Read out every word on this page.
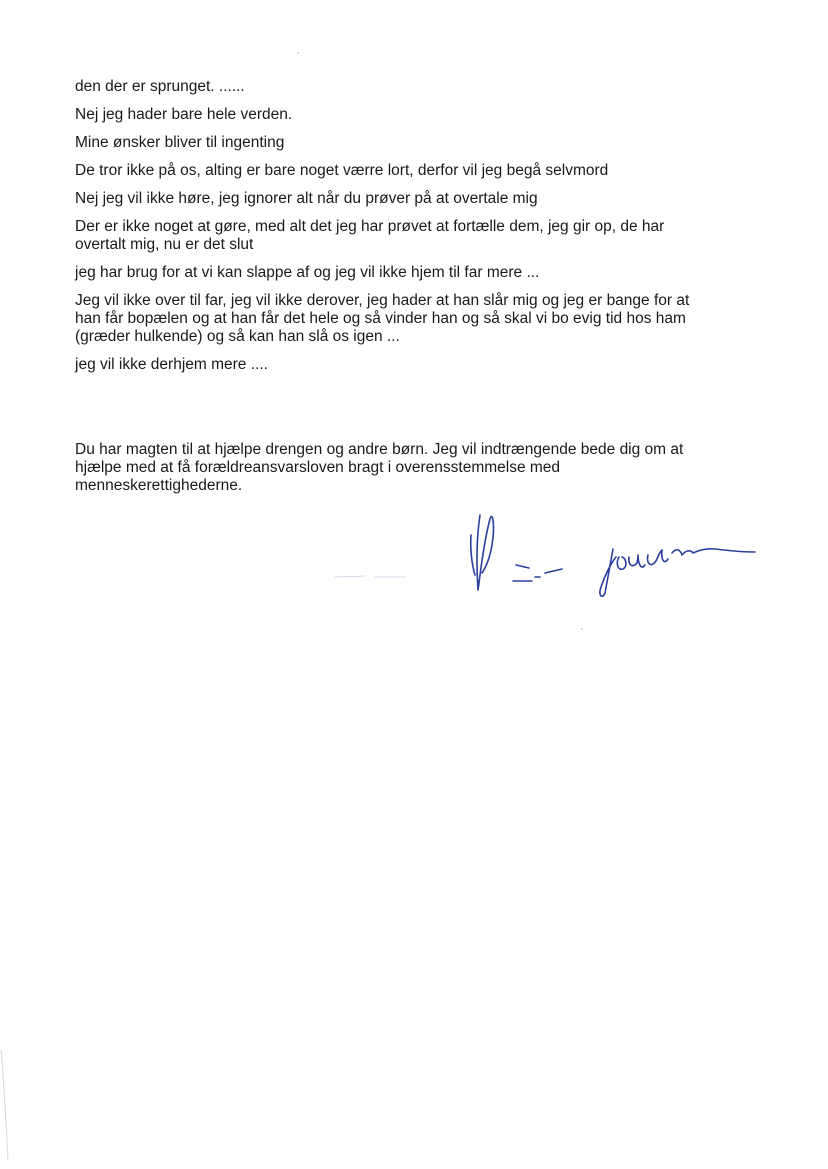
den der er sprunget. ......

Nej jeg hader bare hele verden.

Mine ønsker bliver til ingenting

De tror ikke på os, alting er bare noget værre lort, derfor vil jeg begå selvmord

Nej jeg vil ikke høre, jeg ignorer alt når du prøver på at overtale mig

Der er ikke noget at gøre, med alt det jeg har prøvet at fortælle dem, jeg gir op, de har
overtalt mig, nu er det slut

jeg har brug for at vi kan slappe af og jeg vil ikke hjem til far mere ...

Jeg vil ikke over til far, jeg vil ikke derover, jeg hader at han slår mig og jeg er bange for at
han får bopælen og at han får det hele og så vinder han og så skal vi bo evig tid hos ham
(græder hulkende) og så kan han slå os igen ...

jeg vil ikke derhjem mere ....

Du har magten til at hjælpe drengen og andre børn. Jeg vil indtrængende bede dig om at
hjælpe med at få forældreansvarsloven bragt i overensstemmelse med
menneskerettighederne.
